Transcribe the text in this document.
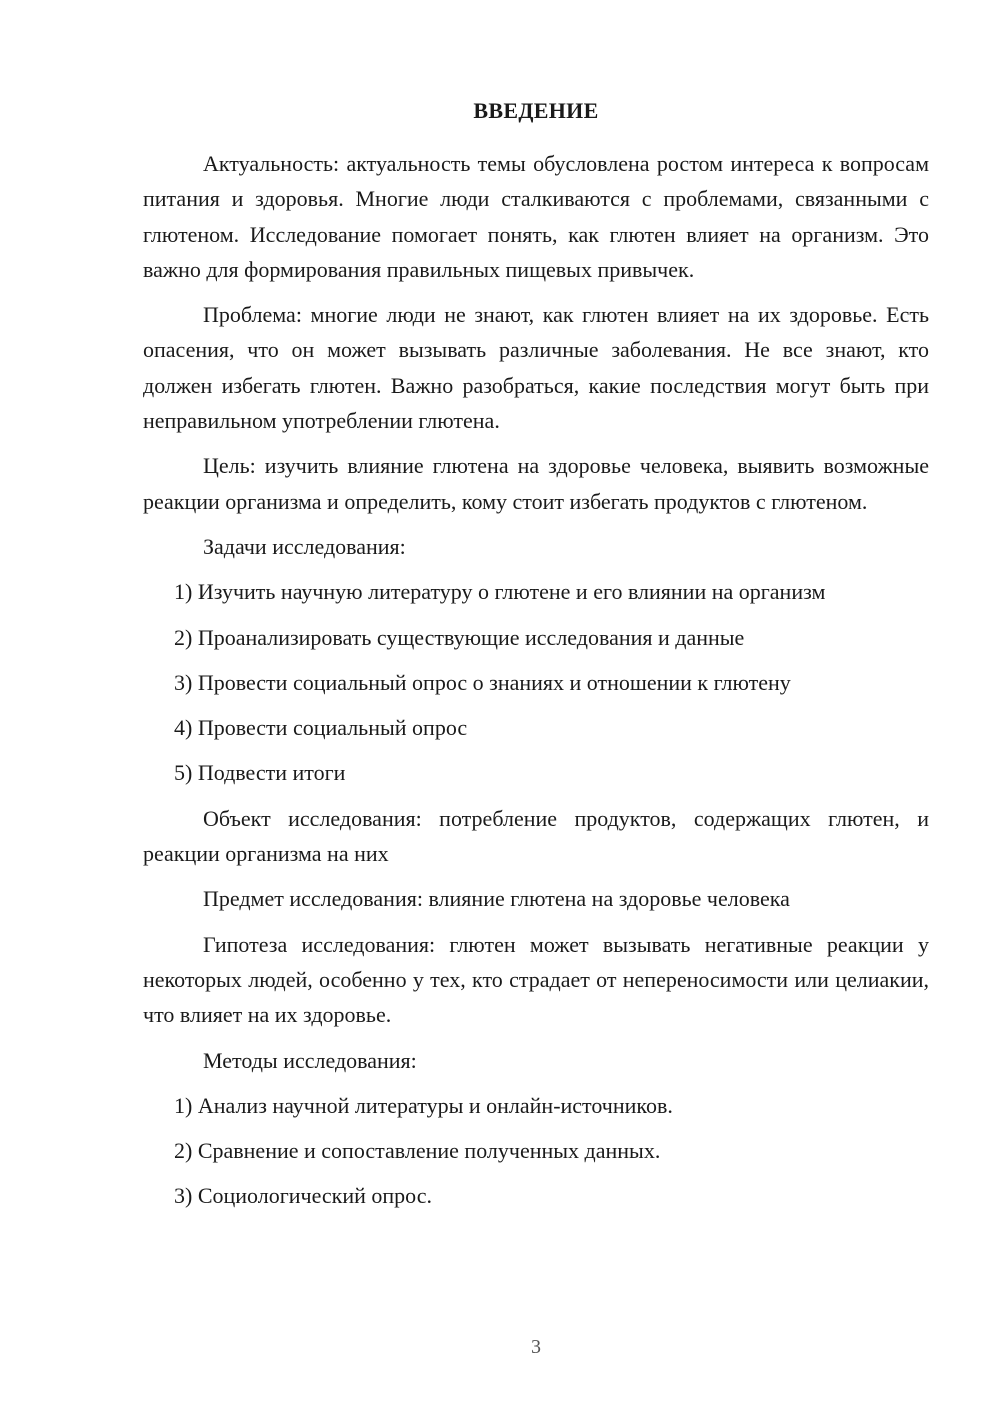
ВВЕДЕНИЕ

Актуальность: актуальность темы обусловлена ростом интереса к вопросам питания и здоровья. Многие люди сталкиваются с проблемами, связанными с глютеном. Исследование помогает понять, как глютен влияет на организм. Это важно для формирования правильных пищевых привычек.

Проблема: многие люди не знают, как глютен влияет на их здоровье. Есть опасения, что он может вызывать различные заболевания. Не все знают, кто должен избегать глютен. Важно разобраться, какие последствия могут быть при неправильном употреблении глютена.

Цель: изучить влияние глютена на здоровье человека, выявить возможные реакции организма и определить, кому стоит избегать продуктов с глютеном.

Задачи исследования:

1) Изучить научную литературу о глютене и его влиянии на организм

2) Проанализировать существующие исследования и данные

3) Провести социальный опрос о знаниях и отношении к глютену

4) Провести социальный опрос

5) Подвести итоги

Объект исследования: потребление продуктов, содержащих глютен, и реакции организма на них

Предмет исследования: влияние глютена на здоровье человека

Гипотеза исследования: глютен может вызывать негативные реакции у некоторых людей, особенно у тех, кто страдает от непереносимости или целиакии, что влияет на их здоровье.

Методы исследования:

1) Анализ научной литературы и онлайн-источников.

2) Сравнение и сопоставление полученных данных.

3) Социологический опрос.

3
